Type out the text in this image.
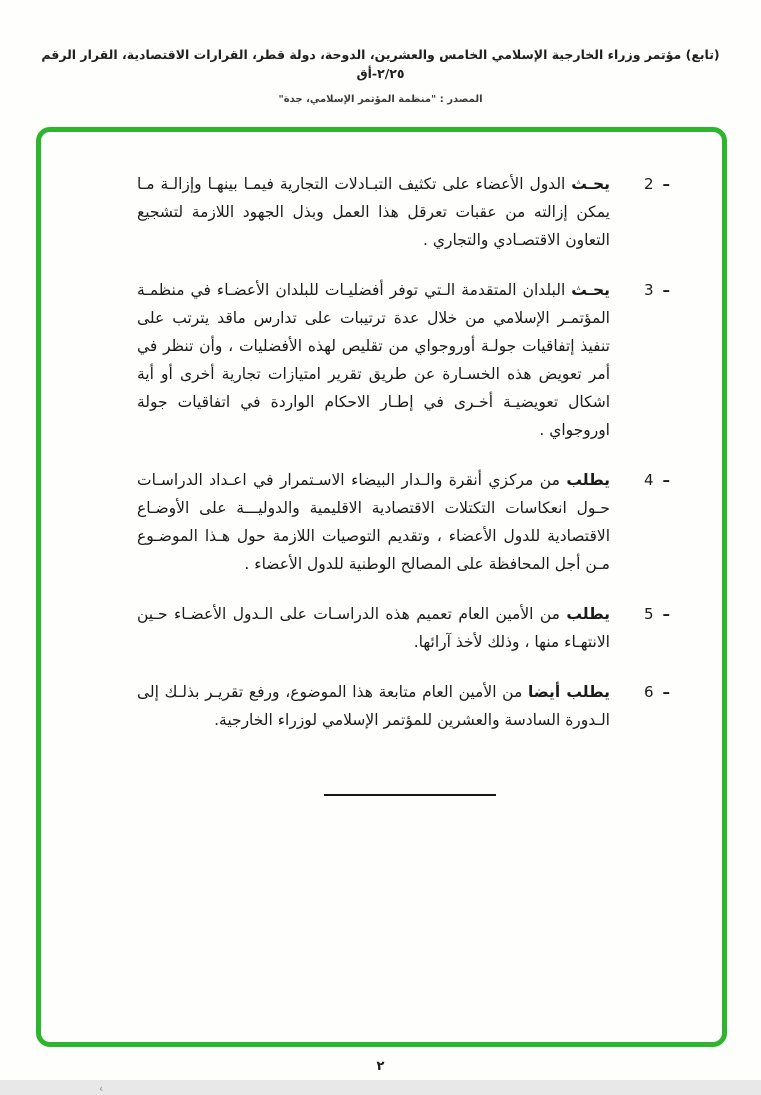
(تابع) مؤتمر وزراء الخارجية الإسلامي الخامس والعشرين، الدوحة، دولة قطر، القرارات الاقتصادية، القرار الرقم ٢/٢٥-أق
المصدر : "منظمة المؤتمر الإسلامي، جدة"
2 –
يحـث الدول الأعضاء على تكثيف التبـادلات التجارية فيمـا بينهـا وإزالـة مـا يمكن إزالته من عقبات تعرقل هذا العمل وبذل الجهود اللازمة لتشجيع التعاون الاقتصـادي والتجاري .
3 –
يحـث البلدان المتقدمة الـتي توفر أفضليـات للبلدان الأعضـاء في منظمـة المؤتمـر الإسلامي من خلال عدة ترتيبات على تدارس ماقد يترتب على تنفيذ إتفاقيات جولـة أوروجواي من تقليص لهذه الأفضليات ، وأن تنظر في أمر تعويض هذه الخسـارة عن طريق تقرير امتيازات تجارية أخرى أو أية اشكال تعويضيـة أخـرى في إطـار الاحكام الواردة في اتفاقيات جولة اوروجواي .
4 –
يطلب من مركزي أنقرة والـدار البيضاء الاسـتمرار في اعـداد الدراسـات حـول انعكاسات التكتلات الاقتصادية الاقليمية والدوليـــة على الأوضـاع الاقتصادية للدول الأعضاء ، وتقديم التوصيات اللازمة حول هـذا الموضـوع مـن أجل المحافظة على المصالح الوطنية للدول الأعضاء .
5 –
يطلب من الأمين العام تعميم هذه الدراسـات على الـدول الأعضـاء حـين الانتهـاء منها ، وذلك لأخذ آرائها.
6 –
يطلب أيضا من الأمين العام متابعة هذا الموضوع، ورفع تقريـر بذلـك إلى الـدورة السادسة والعشرين للمؤتمر الإسلامي لوزراء الخارجية.
‹
٢
